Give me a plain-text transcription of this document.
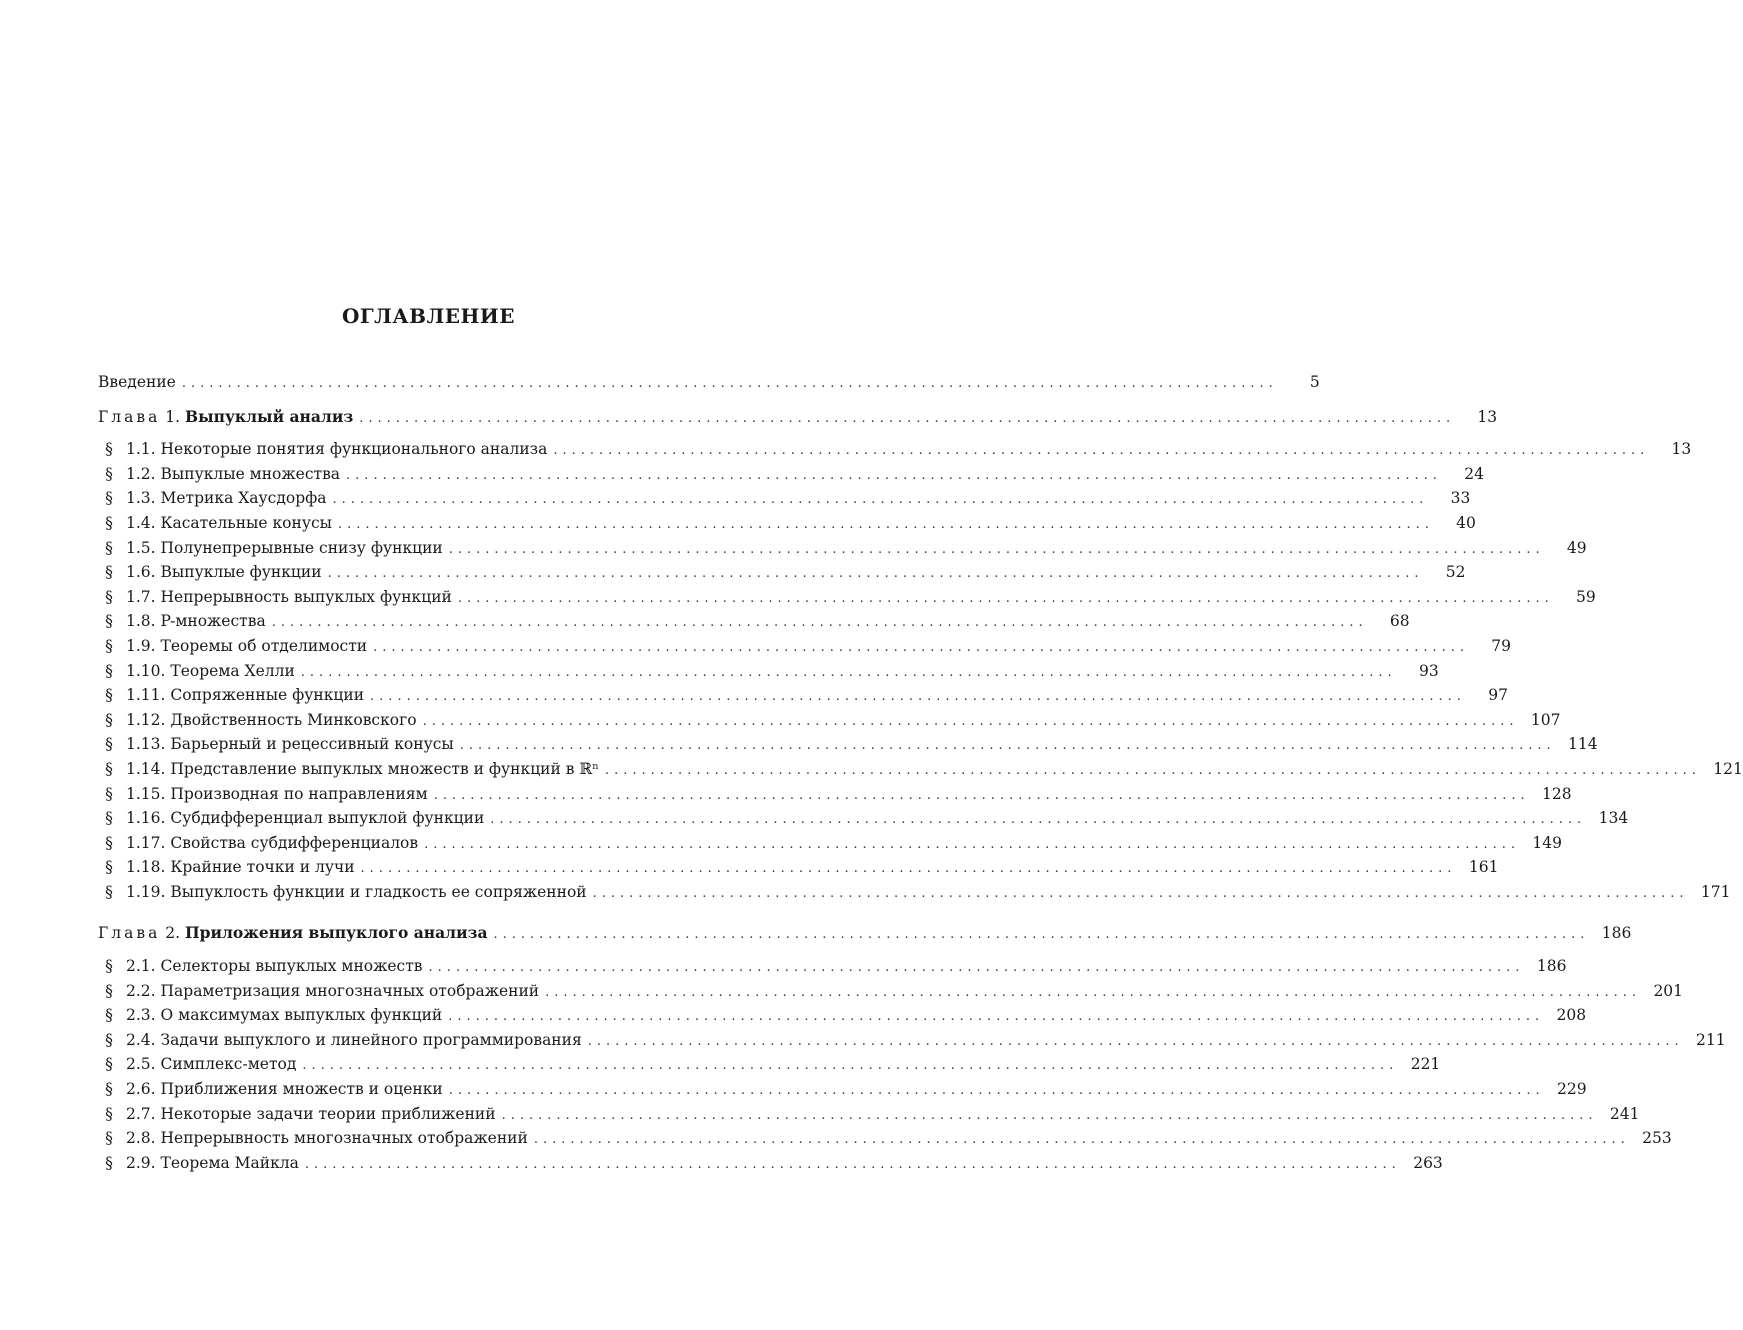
ОГЛАВЛЕНИЕ
Введение ........................................................................................................................	5
Глава 1. Выпуклый анализ ........................................................................................................................	13
§ 1.1. Некоторые понятия функционального анализа ........................................................................................................................	13
§ 1.2. Выпуклые множества ........................................................................................................................	24
§ 1.3. Метрика Хаусдорфа ........................................................................................................................	33
§ 1.4. Касательные конусы ........................................................................................................................	40
§ 1.5. Полунепрерывные снизу функции ........................................................................................................................	49
§ 1.6. Выпуклые функции ........................................................................................................................	52
§ 1.7. Непрерывность выпуклых функций ........................................................................................................................	59
§ 1.8. P-множества ........................................................................................................................	68
§ 1.9. Теоремы об отделимости ........................................................................................................................	79
§ 1.10. Теорема Хелли ........................................................................................................................	93
§ 1.11. Сопряженные функции ........................................................................................................................	97
§ 1.12. Двойственность Минковского ........................................................................................................................ 107
§ 1.13. Барьерный и рецессивный конусы ........................................................................................................................ 114
§ 1.14. Представление выпуклых множеств и функций в ℝⁿ ........................................................................................................................ 121
§ 1.15. Производная по направлениям ........................................................................................................................ 128
§ 1.16. Субдифференциал выпуклой функции ........................................................................................................................ 134
§ 1.17. Свойства субдифференциалов ........................................................................................................................ 149
§ 1.18. Крайние точки и лучи ........................................................................................................................ 161
§ 1.19. Выпуклость функции и гладкость ее сопряженной ........................................................................................................................ 171
Глава 2. Приложения выпуклого анализа ........................................................................................................................ 186
§ 2.1. Селекторы выпуклых множеств ........................................................................................................................ 186
§ 2.2. Параметризация многозначных отображений ........................................................................................................................ 201
§ 2.3. О максимумах выпуклых функций ........................................................................................................................ 208
§ 2.4. Задачи выпуклого и линейного программирования ........................................................................................................................ 211
§ 2.5. Симплекс-метод ........................................................................................................................ 221
§ 2.6. Приближения множеств и оценки ........................................................................................................................ 229
§ 2.7. Некоторые задачи теории приближений ........................................................................................................................ 241
§ 2.8. Непрерывность многозначных отображений ........................................................................................................................ 253
§ 2.9. Теорема Майкла ........................................................................................................................ 263
